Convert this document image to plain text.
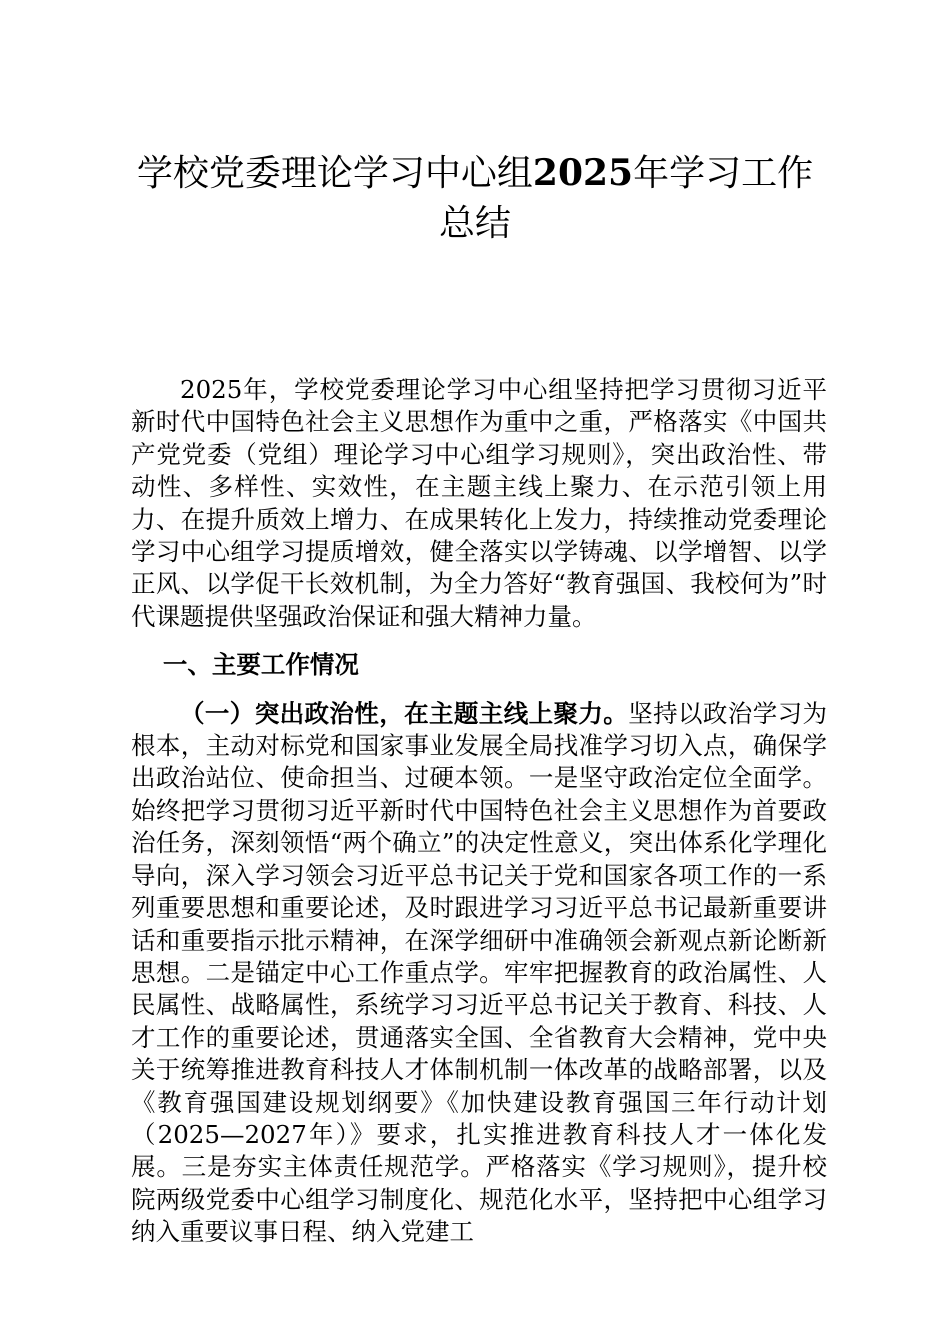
学校党委理论学习中心组2025年学习工作总结

2025年，学校党委理论学习中心组坚持把学习贯彻习近平新时代中国特色社会主义思想作为重中之重，严格落实《中国共产党党委（党组）理论学习中心组学习规则》，突出政治性、带动性、多样性、实效性，在主题主线上聚力、在示范引领上用力、在提升质效上增力、在成果转化上发力，持续推动党委理论学习中心组学习提质增效，健全落实以学铸魂、以学增智、以学正风、以学促干长效机制，为全力答好“教育强国、我校何为”时代课题提供坚强政治保证和强大精神力量。

一、主要工作情况

（一）突出政治性，在主题主线上聚力。坚持以政治学习为根本，主动对标党和国家事业发展全局找准学习切入点，确保学出政治站位、使命担当、过硬本领。一是坚守政治定位全面学。始终把学习贯彻习近平新时代中国特色社会主义思想作为首要政治任务，深刻领悟“两个确立”的决定性意义，突出体系化学理化导向，深入学习领会习近平总书记关于党和国家各项工作的一系列重要思想和重要论述，及时跟进学习习近平总书记最新重要讲话和重要指示批示精神，在深学细研中准确领会新观点新论断新思想。二是锚定中心工作重点学。牢牢把握教育的政治属性、人民属性、战略属性，系统学习习近平总书记关于教育、科技、人才工作的重要论述，贯通落实全国、全省教育大会精神，党中央关于统筹推进教育科技人才体制机制一体改革的战略部署，以及《教育强国建设规划纲要》《加快建设教育强国三年行动计划（2025—2027年）》要求，扎实推进教育科技人才一体化发展。三是夯实主体责任规范学。严格落实《学习规则》，提升校院两级党委中心组学习制度化、规范化水平，坚持把中心组学习纳入重要议事日程、纳入党建工
